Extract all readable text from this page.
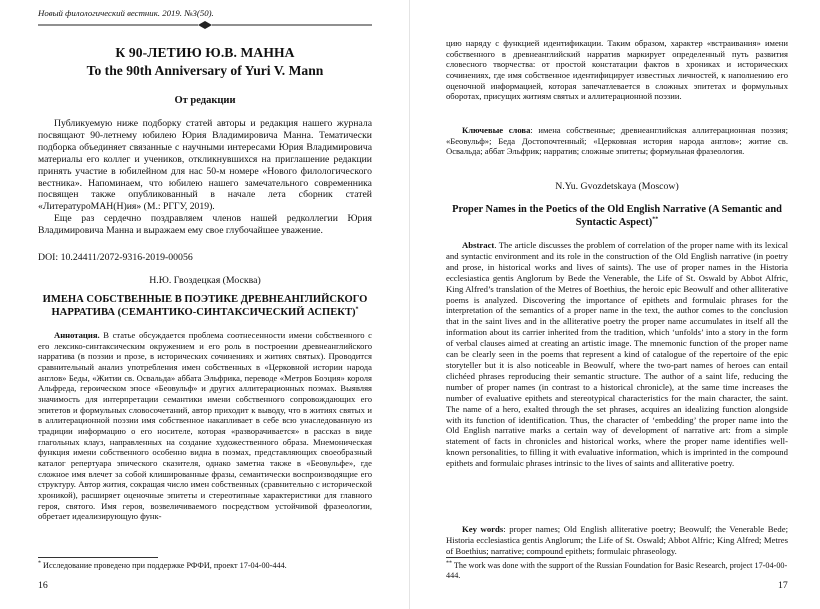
Новый филологический вестник. 2019. №3(50).
К 90-ЛЕТИЮ Ю.В. МАННА
To the 90th Anniversary of Yuri V. Mann
От редакции

Публикуемую ниже подборку статей авторы и редакция нашего журнала посвящают 90-летнему юбилею Юрия Владимировича Манна. Тематически подборка объединяет связанные с научными интересами Юрия Владимировича материалы его коллег и учеников, откликнувшихся на приглашение редакции принять участие в юбилейном для нас 50-м номере «Нового филологического вестника». Напоминаем, что юбилею нашего замечательного современника посвящен также опубликованный в начале лета сборник статей «ЛитературоМАН(Н)ия» (М.: РГГУ, 2019).

Еще раз сердечно поздравляем членов нашей редколлегии Юрия Владимировича Манна и выражаем ему свое глубочайшее уважение.

DOI: 10.24411/2072-9316-2019-00056
Н.Ю. Гвоздецкая (Москва)
ИМЕНА СОБСТВЕННЫЕ В ПОЭТИКЕ ДРЕВНЕАНГЛИЙСКОГО НАРРАТИВА (СЕМАНТИКО-СИНТАКСИЧЕСКИЙ АСПЕКТ)*
Аннотация. В статье обсуждается проблема соотнесенности имени собственного с его лексико-синтаксическим окружением и его роль в построении древнеанглийского нарратива (в поэзии и прозе, в исторических сочинениях и житиях святых). Проводится сравнительный анализ употребления имен собственных в «Церковной истории народа англов» Беды, «Житии св. Освальда» аббата Эльфрика, переводе «Метров Боэция» короля Альфреда, героическом эпосе «Беовульф» и других аллитерационных поэмах. Выявляя значимость для интерпретации семантики имени собственного сопровождающих его эпитетов и формульных словосочетаний, автор приходит к выводу, что в житиях святых и в аллитерационной поэзии имя собственное накапливает в себе всю унаследованную из традиции информацию о его носителе, которая «разворачивается» в рассказ в виде глагольных клауз, направленных на создание художественного образа. Мнемоническая функция имени собственного особенно видна в поэмах, представляющих своеобразный каталог репертуара эпического сказителя, однако заметна также в «Беовульфе», где сложное имя влечет за собой клишированные фразы, семантически воспроизводящие его структуру. Автор жития, сокращая число имен собственных (сравнительно с исторической хроникой), расширяет оценочные эпитеты и стереотипные характеристики для главного героя, святого. Имя героя, возвеличиваемого посредством устойчивой фразеологии, обретает идеализирующую функ-
* Исследование проведено при поддержке РФФИ, проект 17-04-00-444.
16
цию наряду с функцией идентификации. Таким образом, характер «встраивания» имени собственного в древнеанглийский нарратив маркирует определенный путь развития словесного творчества: от простой констатации фактов в хрониках и исторических сочинениях, где имя собственное идентифицирует известных личностей, к наполнению его оценочной информацией, которая запечатлевается в сложных эпитетах и формульных оборотах, присущих житиям святых и аллитерационной поэзии.
Ключевые слова: имена собственные; древнеанглийская аллитерационная поэзия; «Беовульф»; Беда Достопочтенный; «Церковная история народа англов»; житие св. Освальда; аббат Эльфрик; нарратив; сложные эпитеты; формульная фразеология.
N.Yu. Gvozdetskaya (Moscow)
Proper Names in the Poetics of the Old English Narrative (A Semantic and Syntactic Aspect)**
Abstract. The article discusses the problem of correlation of the proper name with its lexical and syntactic environment and its role in the construction of the Old English narrative (in poetry and prose, in historical works and lives of saints). The use of proper names in the Historia ecclesiastica gentis Anglorum by Bede the Venerable, the Life of St. Oswald by Abbot Alfric, King Alfred’s translation of the Metres of Boethius, the heroic epic Beowulf and other alliterative poems is analyzed. Discovering the importance of epithets and formulaic phrases for the interpretation of the semantics of a proper name in the text, the author comes to the conclusion that in the saint lives and in the alliterative poetry the proper name accumulates in itself all the information about its carrier inherited from the tradition, which ‘unfolds’ into a story in the form of verbal clauses aimed at creating an artistic image. The mnemonic function of the proper name can be clearly seen in the poems that represent a kind of catalogue of the repertoire of the epic storyteller but it is also noticeable in Beowulf, where the two-part names of heroes can entail clichéed phrases reproducing their semantic structure. The author of a saint life, reducing the number of proper names (in contrast to a historical chronicle), at the same time increases the number of evaluative epithets and stereotypical characteristics for the main character, the saint. The name of a hero, exalted through the set phrases, acquires an idealizing function alongside with its function of identification. Thus, the character of ‘embedding’ the proper name into the Old English narrative marks a certain way of development of narrative art: from a simple statement of facts in chronicles and historical works, where the proper name identifies well-known personalities, to filling it with evaluative information, which is imprinted in the compound epithets and formulaic phrases intrinsic to the lives of saints and alliterative poetry.
Key words: proper names; Old English alliterative poetry; Beowulf; the Venerable Bede; Historia ecclesiastica gentis Anglorum; the Life of St. Oswald; Abbot Alfric; King Alfred; Metres of Boethius; narrative; compound epithets; formulaic phraseology.
** The work was done with the support of the Russian Foundation for Basic Research, project 17-04-00-444.
17
